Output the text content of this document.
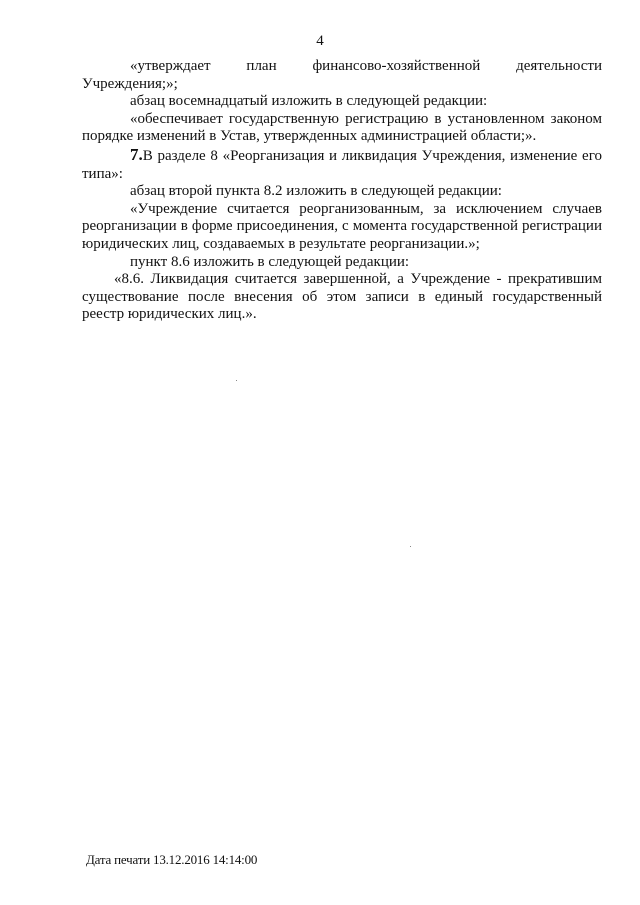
4

«утверждает план финансово-хозяйственной деятельности Учреждения;»;

абзац восемнадцатый изложить в следующей редакции:

«обеспечивает государственную регистрацию в установленном законом порядке изменений в Устав, утвержденных администрацией области;».

7.В разделе 8 «Реорганизация и ликвидация Учреждения, изменение его типа»:

абзац второй пункта 8.2 изложить в следующей редакции:

«Учреждение считается реорганизованным, за исключением случаев реорганизации в форме присоединения, с момента государственной регистрации юридических лиц, создаваемых в результате реорганизации.»;

пункт 8.6 изложить в следующей редакции:

«8.6. Ликвидация считается завершенной, а Учреждение - прекратившим существование после внесения об этом записи в единый государственный реестр юридических лиц.».

Дата печати 13.12.2016 14:14:00
